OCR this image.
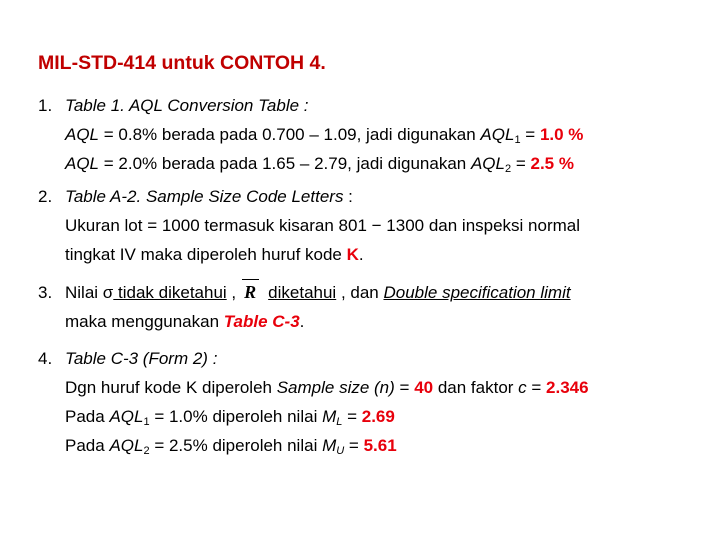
MIL-STD-414 untuk CONTOH 4.
1. Table 1. AQL Conversion Table :
AQL = 0.8% berada pada 0.700 – 1.09, jadi digunakan $AQL_1 = 1.0$ %
AQL = 2.0% berada pada 1.65 – 2.79, jadi digunakan $AQL_2 = 2.5$ %
2. Table A-2. Sample Size Code Letters :
Ukuran lot = 1000 termasuk kisaran 801 − 1300 dan inspeksi normal
tingkat IV maka diperoleh huruf kode K.
3. Nilai σ tidak diketahui , R diketahui , dan Double specification limit
maka menggunakan Table C-3.
4. Table C-3 (Form 2) :
Dgn huruf kode K diperoleh Sample size (n) = 40 dan faktor c = 2.346
Pada $AQL_1 = 1.0\%$ diperoleh nilai $M_L = 2.69$
Pada $AQL_2 = 2.5\%$ diperoleh nilai $M_U = 5.61$
